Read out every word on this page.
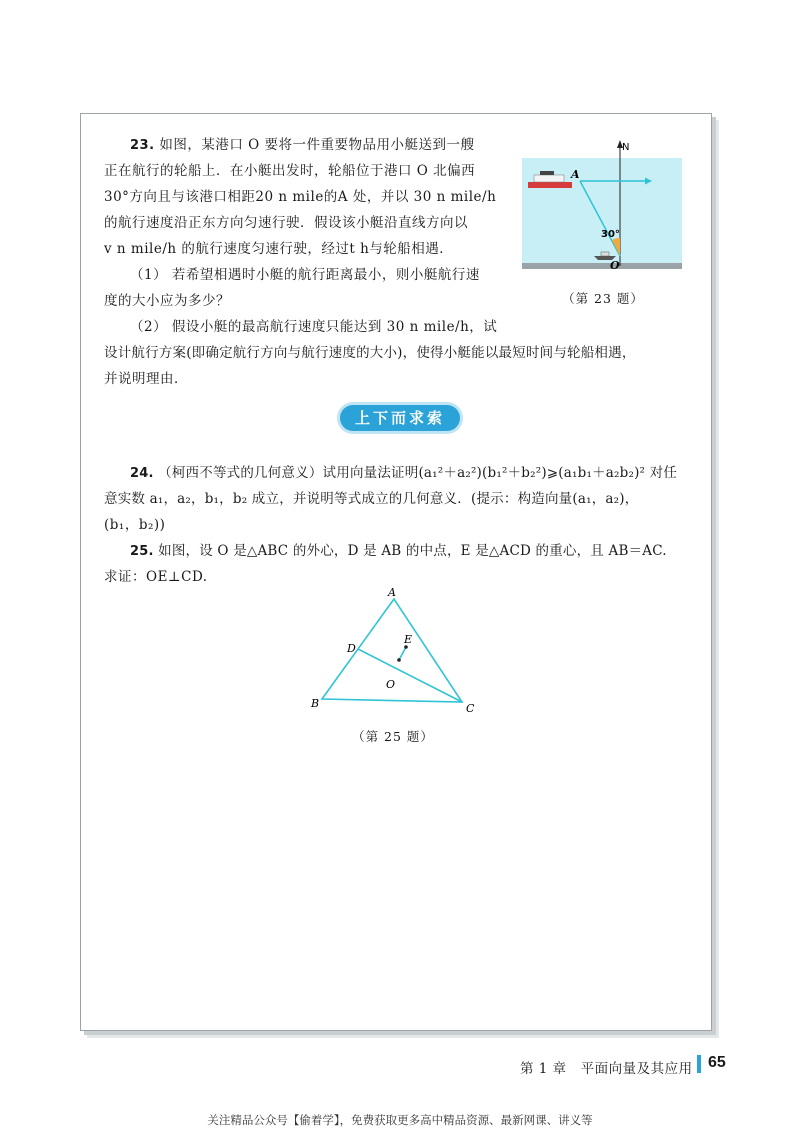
23. 如图，某港口 O 要将一件重要物品用小艇送到一艘

正在航行的轮船上．在小艇出发时，轮船位于港口 O 北偏西

30°方向且与该港口相距20 n mile的A 处，并以 30 n mile/h

的航行速度沿正东方向匀速行驶．假设该小艇沿直线方向以

v n mile/h 的航行速度匀速行驶，经过t h与轮船相遇．

（1） 若希望相遇时小艇的航行距离最小，则小艇航行速

度的大小应为多少？

（2） 假设小艇的最高航行速度只能达到 30 n mile/h，试

设计航行方案(即确定航行方向与航行速度的大小)，使得小艇能以最短时间与轮船相遇，

并说明理由．

A
N
30°
O
（第 23 题）
上下而求索

24. （柯西不等式的几何意义）试用向量法证明(a₁²＋a₂²)(b₁²＋b₂²)⩾(a₁b₁＋a₂b₂)² 对任

意实数 a₁，a₂，b₁，b₂ 成立，并说明等式成立的几何意义．(提示：构造向量(a₁，a₂)，

(b₁，b₂))

25. 如图，设 O 是△ABC 的外心，D 是 AB 的中点，E 是△ACD 的重心，且 AB＝AC.

求证：OE⊥CD.

A
B	C
D
E
O
（第 25 题）
第 1 章　平面向量及其应用 65
关注精品公众号【偷着学】，免费获取更多高中精品资源、最新网课、讲义等
